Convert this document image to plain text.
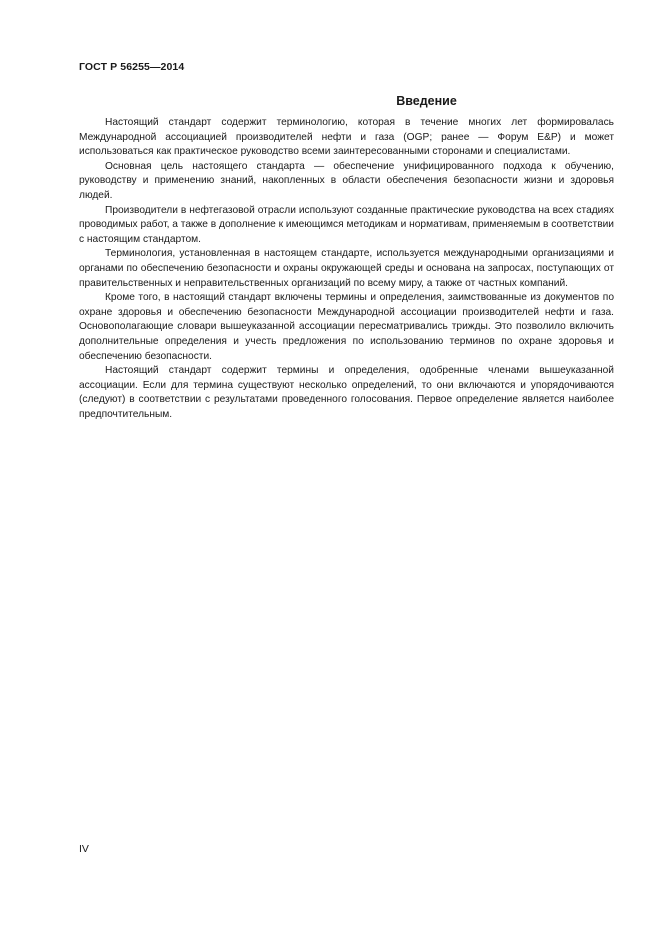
ГОСТ Р 56255—2014
Введение

Настоящий стандарт содержит терминологию, которая в течение многих лет формировалась Международной ассоциацией производителей нефти и газа (OGP; ранее — Форум E&P) и может использоваться как практическое руководство всеми заинтересованными сторонами и специалистами.

Основная цель настоящего стандарта — обеспечение унифицированного подхода к обучению, руководству и применению знаний, накопленных в области обеспечения безопасности жизни и здоровья людей.

Производители в нефтегазовой отрасли используют созданные практические руководства на всех стадиях проводимых работ, а также в дополнение к имеющимся методикам и нормативам, применяемым в соответствии с настоящим стандартом.

Терминология, установленная в настоящем стандарте, используется международными организациями и органами по обеспечению безопасности и охраны окружающей среды и основана на запросах, поступающих от правительственных и неправительственных организаций по всему миру, а также от частных компаний.

Кроме того, в настоящий стандарт включены термины и определения, заимствованные из документов по охране здоровья и обеспечению безопасности Международной ассоциации производителей нефти и газа. Основополагающие словари вышеуказанной ассоциации пересматривались трижды. Это позволило включить дополнительные определения и учесть предложения по использованию терминов по охране здоровья и обеспечению безопасности.

Настоящий стандарт содержит термины и определения, одобренные членами вышеуказанной ассоциации. Если для термина существуют несколько определений, то они включаются и упорядочиваются (следуют) в соответствии с результатами проведенного голосования. Первое определение является наиболее предпочтительным.

IV
